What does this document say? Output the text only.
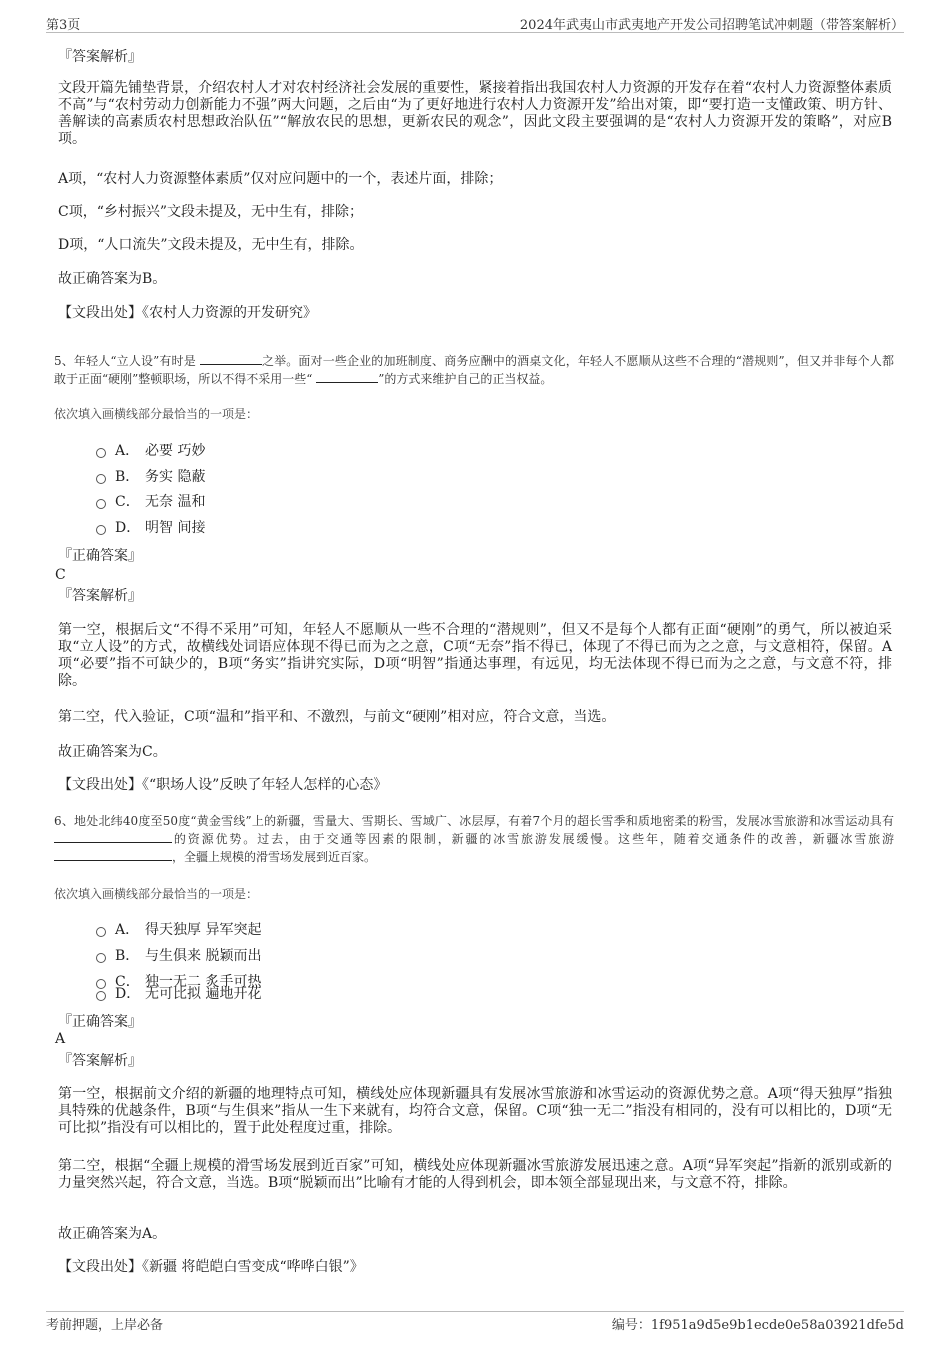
第3页	2024年武夷山市武夷地产开发公司招聘笔试冲刺题（带答案解析）
『答案解析』

文段开篇先铺垫背景，介绍农村人才对农村经济社会发展的重要性，紧接着指出我国农村人力资源的开发存在着“农村人力资源整体素质不高”与“农村劳动力创新能力不强”两大问题，之后由“为了更好地进行农村人力资源开发”给出对策，即“要打造一支懂政策、明方针、善解读的高素质农村思想政治队伍”“解放农民的思想，更新农民的观念”，因此文段主要强调的是“农村人力资源开发的策略”，对应B项。

A项，“农村人力资源整体素质”仅对应问题中的一个，表述片面，排除；
C项，“乡村振兴”文段未提及，无中生有，排除；
D项，“人口流失”文段未提及，无中生有，排除。
故正确答案为B。
【文段出处】《农村人力资源的开发研究》

5、年轻人“立人设”有时是	之举。面对一些企业的加班制度、商务应酬中的酒桌文化，年轻人不愿顺从这些不合理的“潜规则”，但又并非每个人都敢于正面“硬刚”整顿职场，所以不得不采用一些“	”的方式来维护自己的正当权益。

依次填入画横线部分最恰当的一项是：
A． 必要 巧妙
B． 务实 隐蔽
C． 无奈 温和
D． 明智 间接
『正确答案』
C
『答案解析』

第一空，根据后文“不得不采用”可知，年轻人不愿顺从一些不合理的“潜规则”，但又不是每个人都有正面“硬刚”的勇气，所以被迫采取“立人设”的方式，故横线处词语应体现不得已而为之之意，C项“无奈”指不得已，体现了不得已而为之之意，与文意相符，保留。A项“必要”指不可缺少的，B项“务实”指讲究实际，D项“明智”指通达事理，有远见，均无法体现不得已而为之之意，与文意不符，排除。

第二空，代入验证，C项“温和”指平和、不激烈，与前文“硬刚”相对应，符合文意，当选。

故正确答案为C。
【文段出处】《“职场人设”反映了年轻人怎样的心态》

6、地处北纬40度至50度“黄金雪线”上的新疆，雪量大、雪期长、雪域广、冰层厚，有着7个月的超长雪季和质地密柔的粉雪，发展冰雪旅游和冰雪运动具有的资源优势。过去，由于交通等因素的限制，新疆的冰雪旅游发展缓慢。这些年，随着交通条件的改善，新疆冰雪旅游 ，全疆上规模的滑雪场发展到近百家。

依次填入画横线部分最恰当的一项是：
A． 得天独厚 异军突起
B． 与生俱来 脱颖而出
C． 独一无二 炙手可热
D． 无可比拟 遍地开花
『正确答案』
A
『答案解析』

第一空，根据前文介绍的新疆的地理特点可知，横线处应体现新疆具有发展冰雪旅游和冰雪运动的资源优势之意。A项“得天独厚”指独具特殊的优越条件，B项“与生俱来”指从一生下来就有，均符合文意，保留。C项“独一无二”指没有相同的，没有可以相比的，D项“无可比拟”指没有可以相比的，置于此处程度过重，排除。

第二空，根据“全疆上规模的滑雪场发展到近百家”可知，横线处应体现新疆冰雪旅游发展迅速之意。A项“异军突起”指新的派别或新的力量突然兴起，符合文意，当选。B项“脱颖而出”比喻有才能的人得到机会，即本领全部显现出来，与文意不符，排除。

故正确答案为A。
【文段出处】《新疆 将皑皑白雪变成“哗哗白银”》
考前押题，上岸必备	编号：1f951a9d5e9b1ecde0e58a03921dfe5d
